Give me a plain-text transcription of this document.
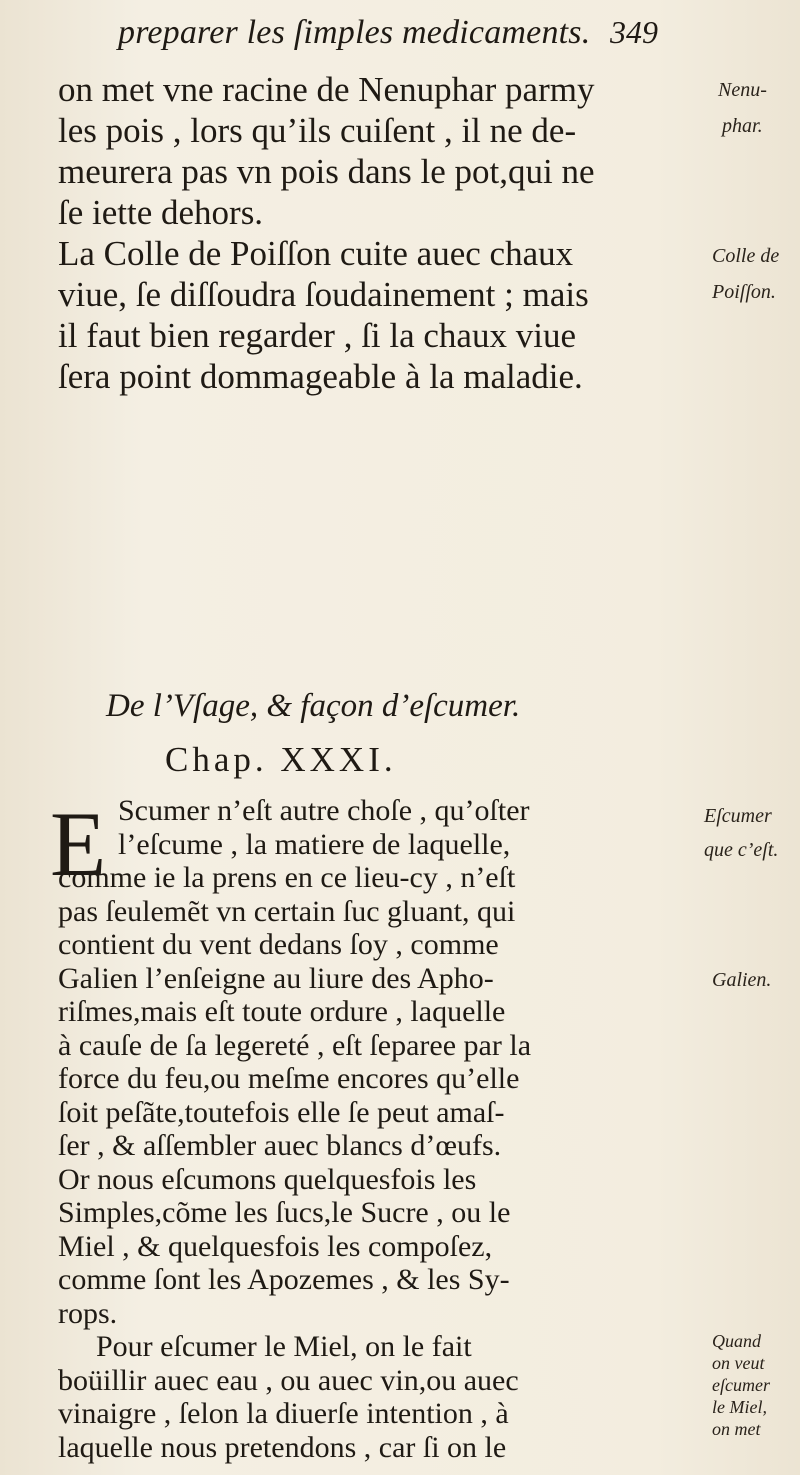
preparer les ſimples medicaments. 349
on met vne racine de Nenuphar parmy
les pois , lors qu’ils cuiſent , il ne de-
meurera pas vn pois dans le pot,qui ne
ſe iette dehors.
La Colle de Poiſſon cuite auec chaux
viue, ſe diſſoudra ſoudainement ; mais
il faut bien regarder , ſi la chaux viue
ſera point dommageable à la maladie.
De l’Vſage, & façon d’eſcumer.
Chap. XXXI.
E Scumer n’eſt autre choſe , qu’oſter
l’eſcume , la matiere de laquelle,
comme ie la prens en ce lieu-cy , n’eſt
pas ſeulemẽt vn certain ſuc gluant, qui
contient du vent dedans ſoy , comme
Galien l’enſeigne au liure des Apho-
riſmes,mais eſt toute ordure , laquelle
à cauſe de ſa legereté , eſt ſeparee par la
force du feu,ou meſme encores qu’elle
ſoit peſãte,toutefois elle ſe peut amaſ-
ſer , & aſſembler auec blancs d’œufs.
Or nous eſcumons quelquesfois les
Simples,cõme les ſucs,le Sucre , ou le
Miel , & quelquesfois les compoſez,
comme ſont les Apozemes , & les Sy-
rops.
Nenu-
phar.
Colle de
Poiſſon.
Eſcumer
que c’eſt.
Galien.
Pour eſcumer le Miel, on le fait
boüillir auec eau , ou auec vin,ou auec
vinaigre , ſelon la diuerſe intention , à
laquelle nous pretendons , car ſi on le
Quand
on veut
eſcumer
le Miel,
on met
